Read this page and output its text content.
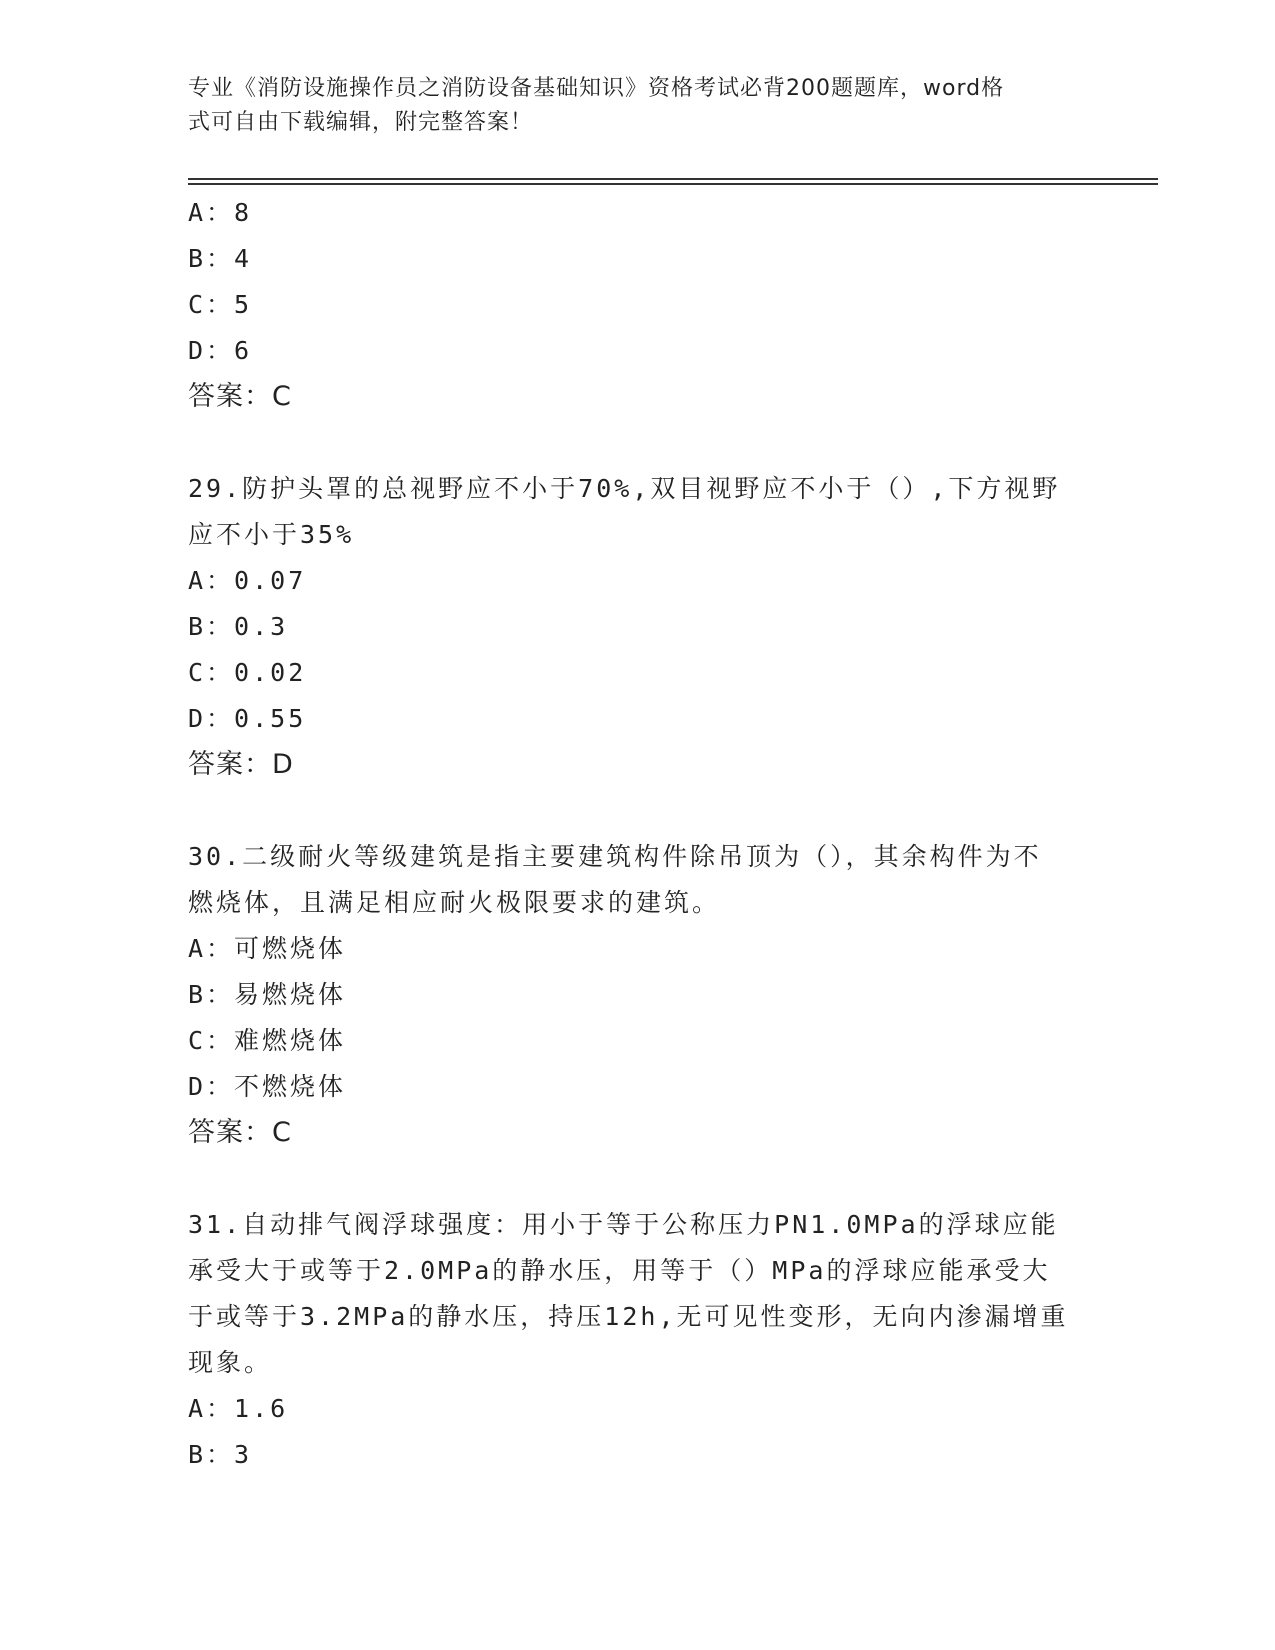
专业《消防设施操作员之消防设备基础知识》资格考试必背200题题库，word格
式可自由下载编辑，附完整答案！
A：8
B：4
C：5
D：6
答案：C
29.防护头罩的总视野应不小于70%,双目视野应不小于（）,下方视野
应不小于35%
A：0.07
B：0.3
C：0.02
D：0.55
答案：D
30.二级耐火等级建筑是指主要建筑构件除吊顶为（），其余构件为不
燃烧体，且满足相应耐火极限要求的建筑。
A：可燃烧体
B：易燃烧体
C：难燃烧体
D：不燃烧体
答案：C
31.自动排气阀浮球强度：用小于等于公称压力PN1.0MPa的浮球应能
承受大于或等于2.0MPa的静水压，用等于（）MPa的浮球应能承受大
于或等于3.2MPa的静水压，持压12h,无可见性变形，无向内渗漏增重
现象。
A：1.6
B：3
